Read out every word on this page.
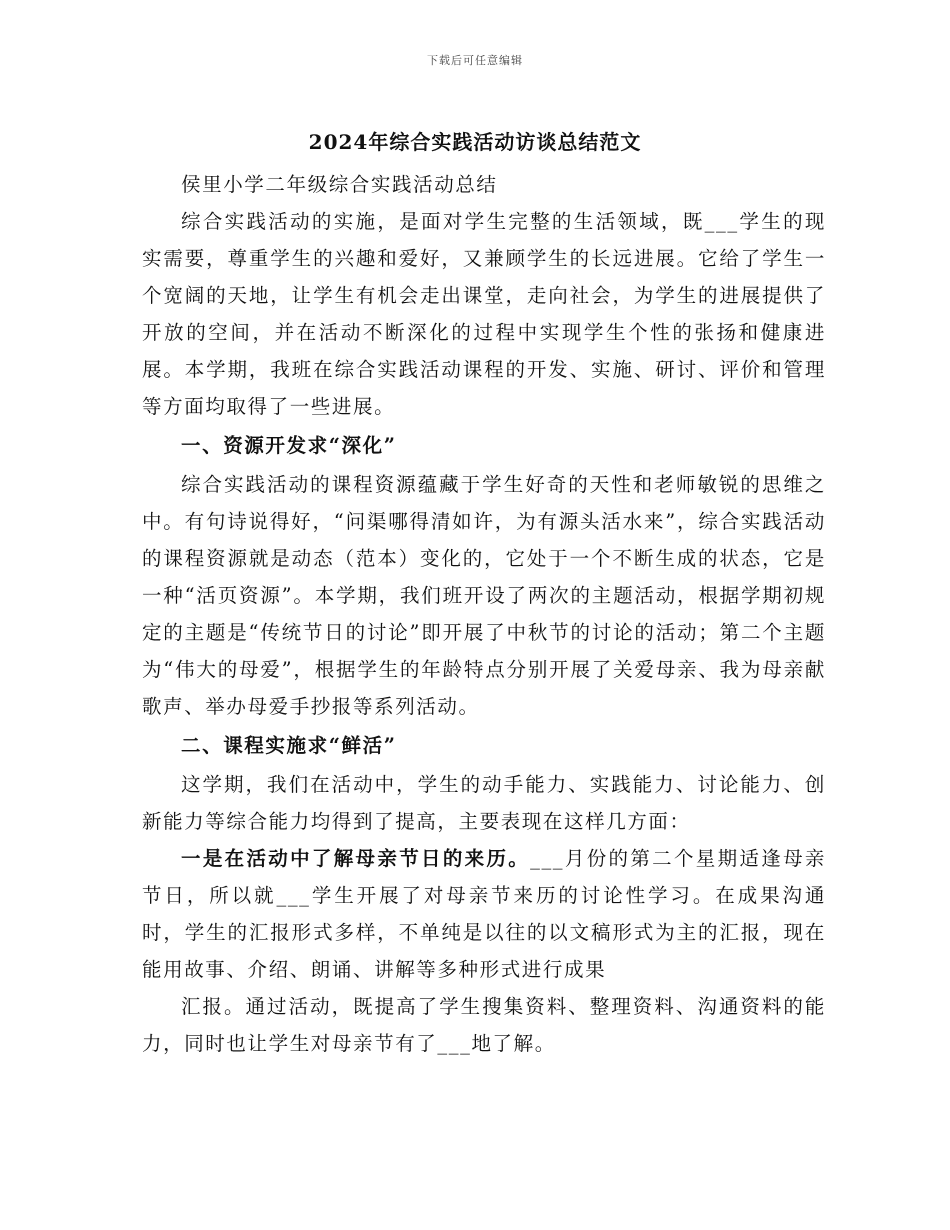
下载后可任意编辑
2024年综合实践活动访谈总结范文

侯里小学二年级综合实践活动总结

综合实践活动的实施，是面对学生完整的生活领域，既___学生的现实需要，尊重学生的兴趣和爱好，又兼顾学生的长远进展。它给了学生一个宽阔的天地，让学生有机会走出课堂，走向社会，为学生的进展提供了开放的空间，并在活动不断深化的过程中实现学生个性的张扬和健康进展。本学期，我班在综合实践活动课程的开发、实施、研讨、评价和管理等方面均取得了一些进展。

一、资源开发求“深化”

综合实践活动的课程资源蕴藏于学生好奇的天性和老师敏锐的思维之中。有句诗说得好，“问渠哪得清如许，为有源头活水来”，综合实践活动的课程资源就是动态（范本）变化的，它处于一个不断生成的状态，它是一种“活页资源”。本学期，我们班开设了两次的主题活动，根据学期初规定的主题是“传统节日的讨论”即开展了中秋节的讨论的活动；第二个主题为“伟大的母爱”，根据学生的年龄特点分别开展了关爱母亲、我为母亲献歌声、举办母爱手抄报等系列活动。

二、课程实施求“鲜活”

这学期，我们在活动中，学生的动手能力、实践能力、讨论能力、创新能力等综合能力均得到了提高，主要表现在这样几方面：

一是在活动中了解母亲节日的来历。___月份的第二个星期适逢母亲节日，所以就___学生开展了对母亲节来历的讨论性学习。在成果沟通时，学生的汇报形式多样，不单纯是以往的以文稿形式为主的汇报，现在能用故事、介绍、朗诵、讲解等多种形式进行成果

汇报。通过活动，既提高了学生搜集资料、整理资料、沟通资料的能力，同时也让学生对母亲节有了___地了解。
